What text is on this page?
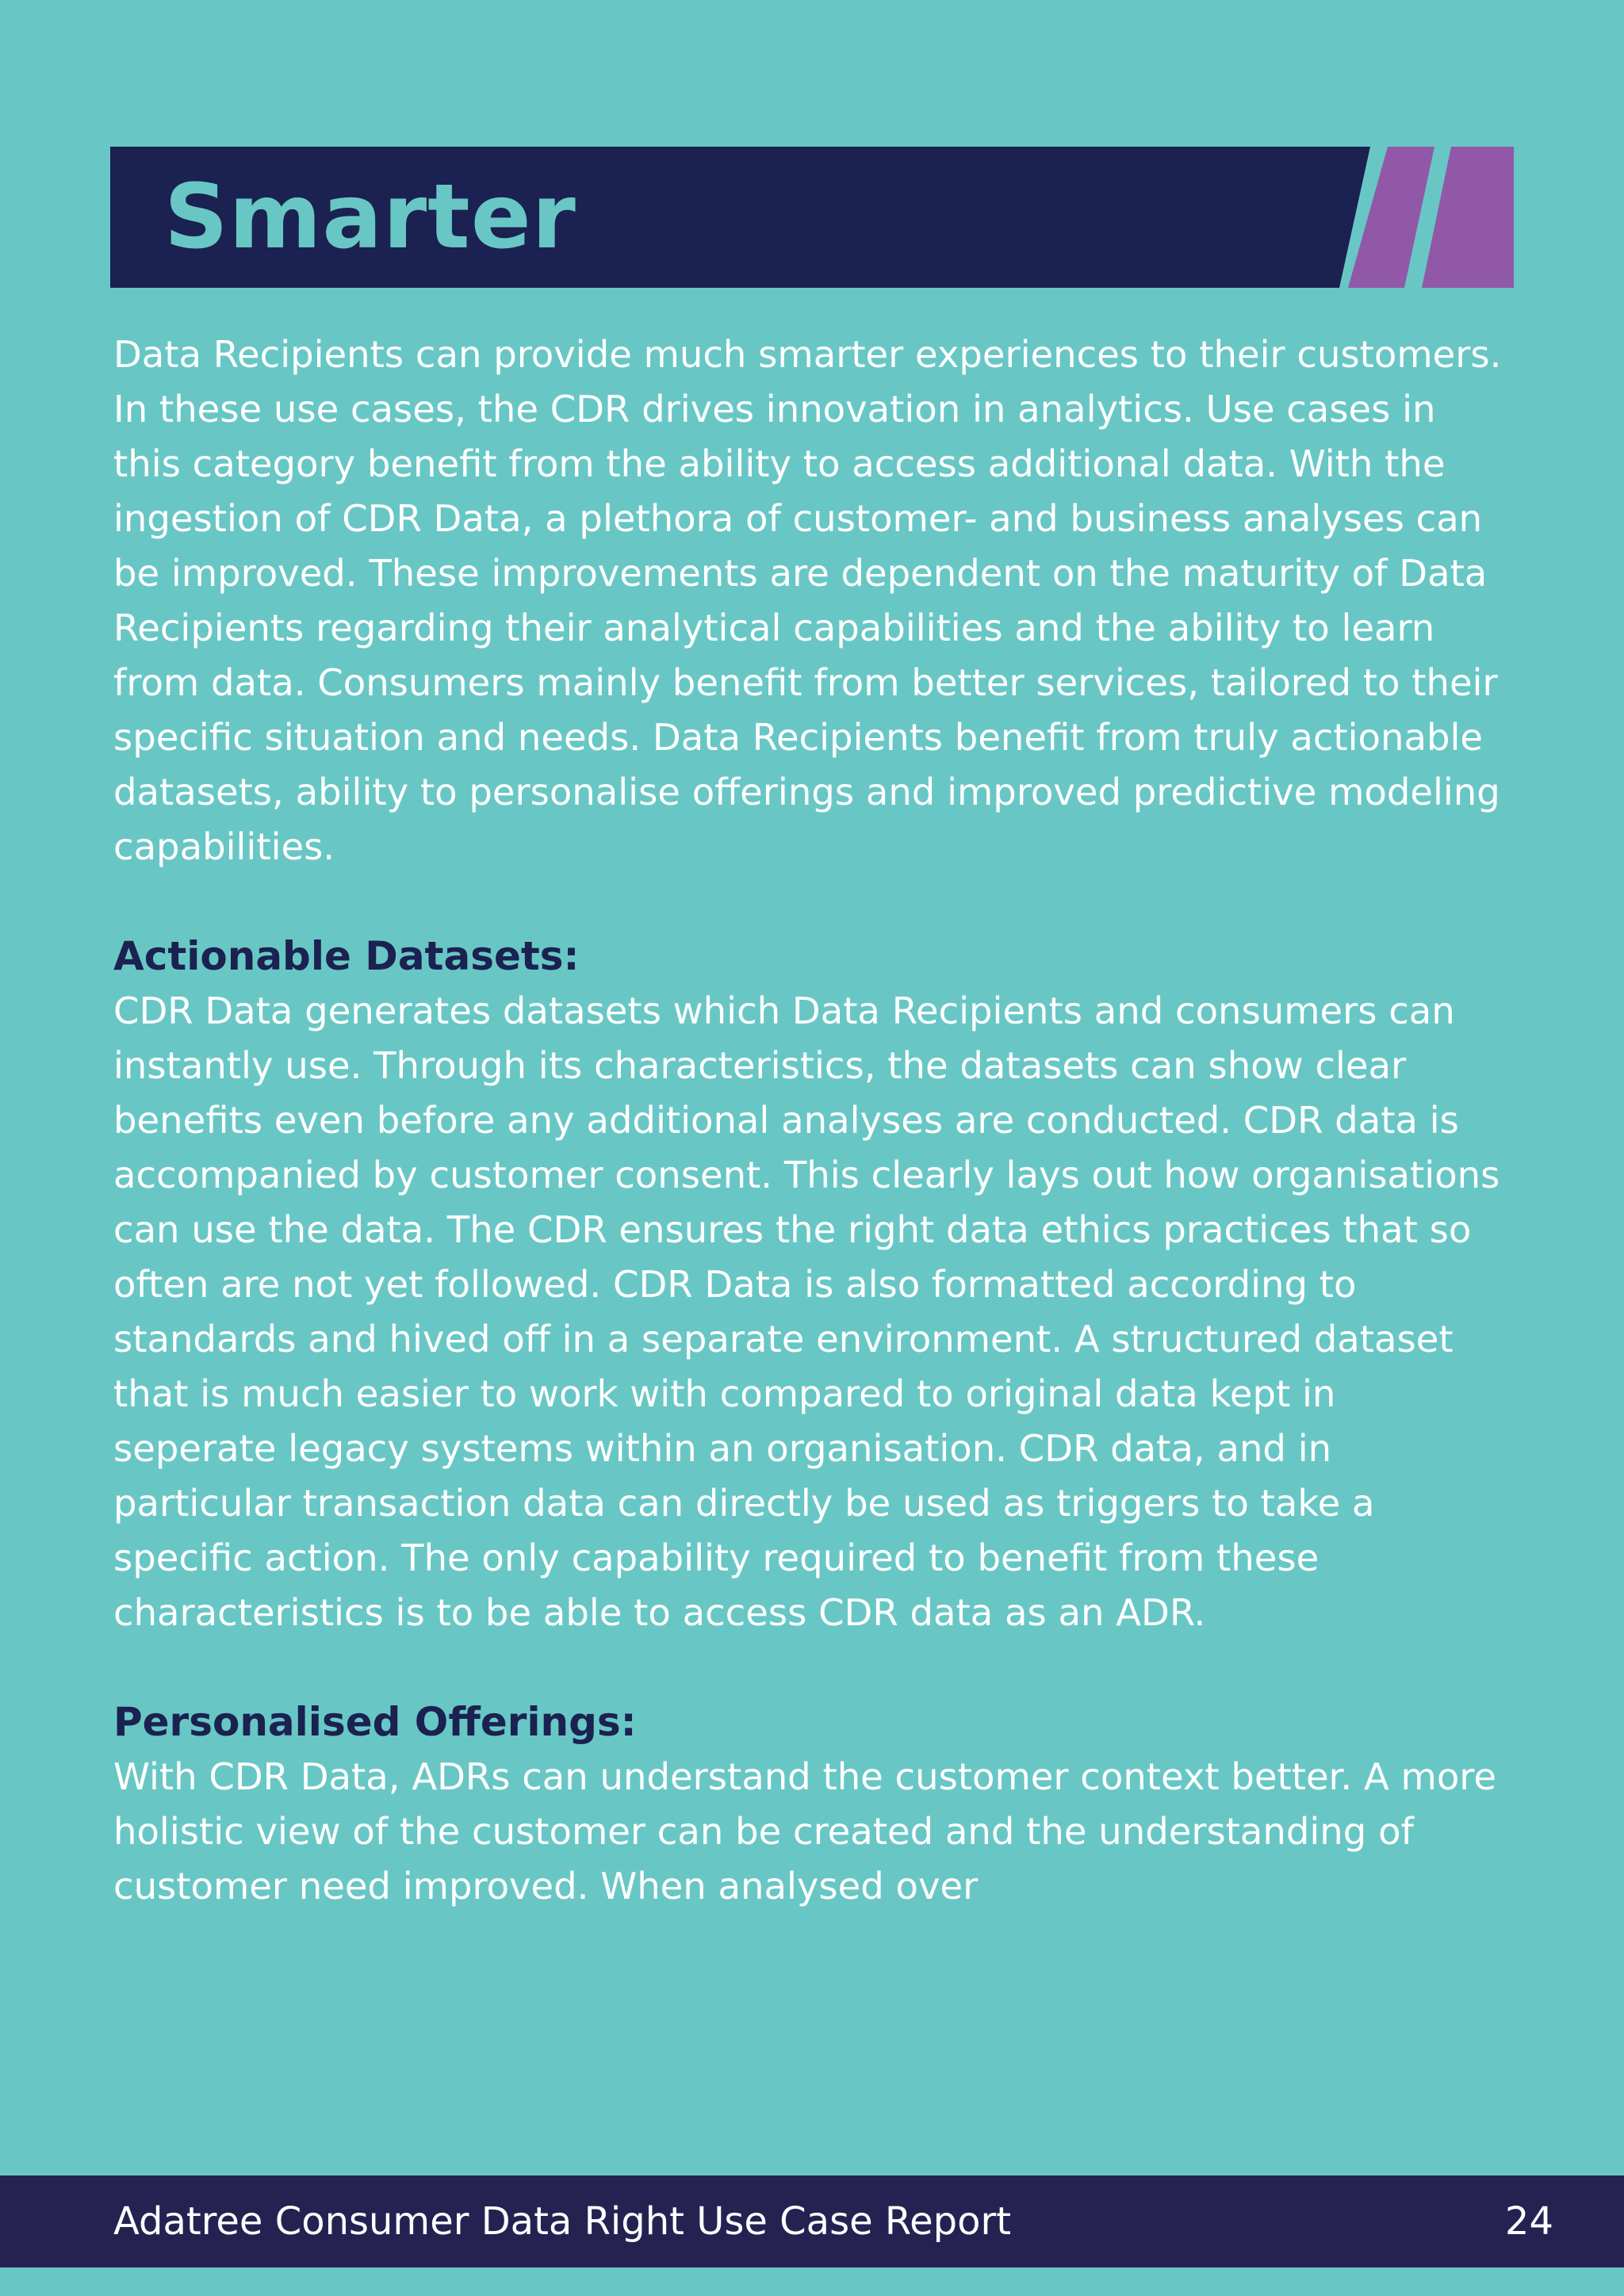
Smarter

Data Recipients can provide much smarter experiences to their customers. In these use cases, the CDR drives innovation in analytics. Use cases in this category benefit from the ability to access additional data. With the ingestion of CDR Data, a plethora of customer- and business analyses can be improved. These improvements are dependent on the maturity of Data Recipients regarding their analytical capabilities and the ability to learn from data. Consumers mainly benefit from better services, tailored to their specific situation and needs. Data Recipients benefit from truly actionable datasets, ability to personalise offerings and improved predictive modeling capabilities.

Actionable Datasets:

CDR Data generates datasets which Data Recipients and consumers can instantly use. Through its characteristics, the datasets can show clear benefits even before any additional analyses are conducted. CDR data is accompanied by customer consent. This clearly lays out how organisations can use the data. The CDR ensures the right data ethics practices that so often are not yet followed. CDR Data is also formatted according to standards and hived off in a separate environment. A structured dataset that is much easier to work with compared to original data kept in seperate legacy systems within an organisation. CDR data, and in particular transaction data can directly be used as triggers to take a specific action. The only capability required to benefit from these characteristics is to be able to access CDR data as an ADR.

Personalised Offerings:

With CDR Data, ADRs can understand the customer context better. A more holistic view of the customer can be created and the understanding of customer need improved. When analysed over

Adatree Consumer Data Right Use Case Report	24
